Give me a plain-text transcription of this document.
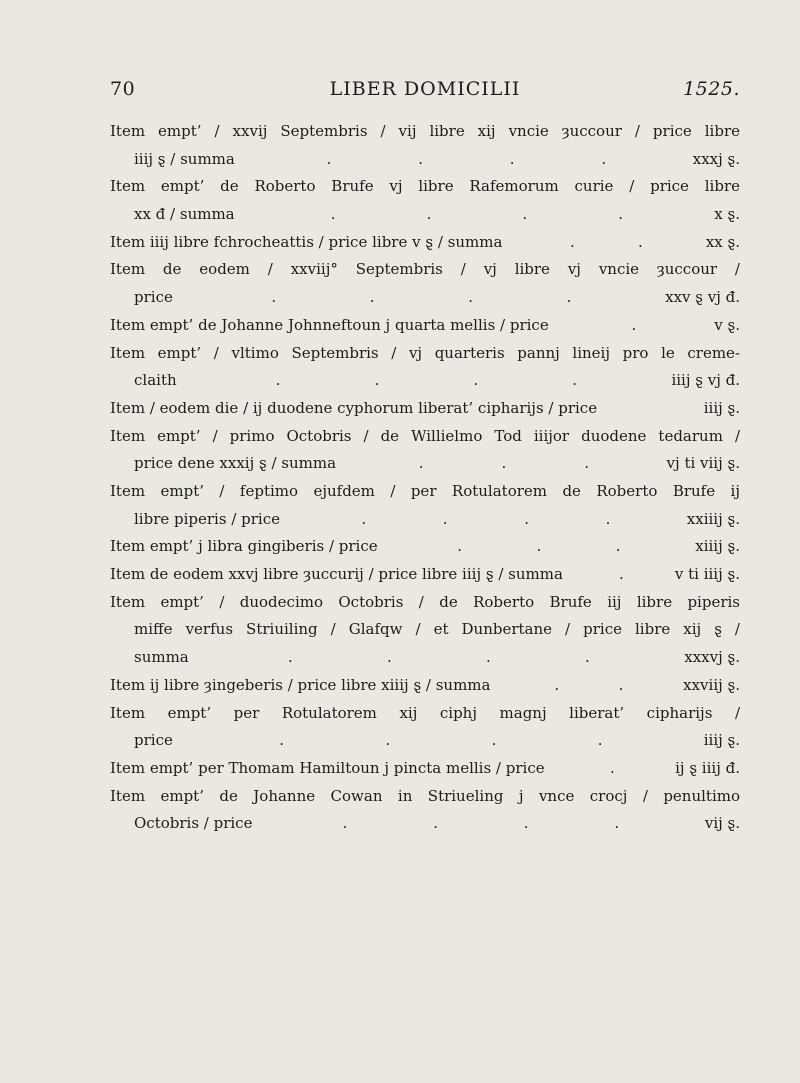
70	LIBER DOMICILII	1525.
Item empt’ / xxvij Septembris / vij libre xij vncie ȝuccour / price libre
iiij ȿ / summa	xxxj ȿ.
.	.	.	.
Item empt’ de Roberto Brufe vj libre Rafemorum curie / price libre
xx đ / summa	x ȿ.
.	.	.	.
Item iiij libre fchrocheattis / price libre v ȿ / summa	xx ȿ.
.	.
Item de eodem / xxviij° Septembris / vj libre vj vncie ȝuccour /
price	xxv ȿ vj đ.
.	.	.	.
Item empt’ de Johanne Johnneftoun j quarta mellis / price	v ȿ.
.
Item empt’ / vltimo Septembris / vj quarteris pannj lineij pro le creme-
claith	iiij ȿ vj đ.
.	.	.	.
Item / eodem die / ij duodene cyphorum liberat’ cipharijs / price	iiij ȿ.
Item empt’ / primo Octobris / de Willielmo Tod iiijor duodene tedarum /
price dene xxxij ȿ / summa	vj ti viij ȿ.
.	.	.
Item empt’ / feptimo ejufdem / per Rotulatorem de Roberto Brufe ij
libre piperis / price	xxiiij ȿ.
.	.	.	.
Item empt’ j libra gingiberis / price	xiiij ȿ.
.	.	.
Item de eodem xxvj libre ȝuccurij / price libre iiij ȿ / summa	v ti iiij ȿ.
.
Item empt’ / duodecimo Octobris / de Roberto Brufe iij libre piperis
miffe verfus Striuiling / Glafqw / et Dunbertane / price libre xij ȿ /
summa	xxxvj ȿ.
.	.	.	.
Item ij libre ȝingeberis / price libre xiiij ȿ / summa	xxviij ȿ.
.	.
Item empt’ per Rotulatorem xij ciphj magnj liberat’ cipharijs /
price	iiij ȿ.
.	.	.	.
Item empt’ per Thomam Hamiltoun j pincta mellis / price	ij ȿ iiij đ.
.
Item empt’ de Johanne Cowan in Striueling j vnce crocj / penultimo
Octobris / price	vij ȿ.
.	.	.	.
